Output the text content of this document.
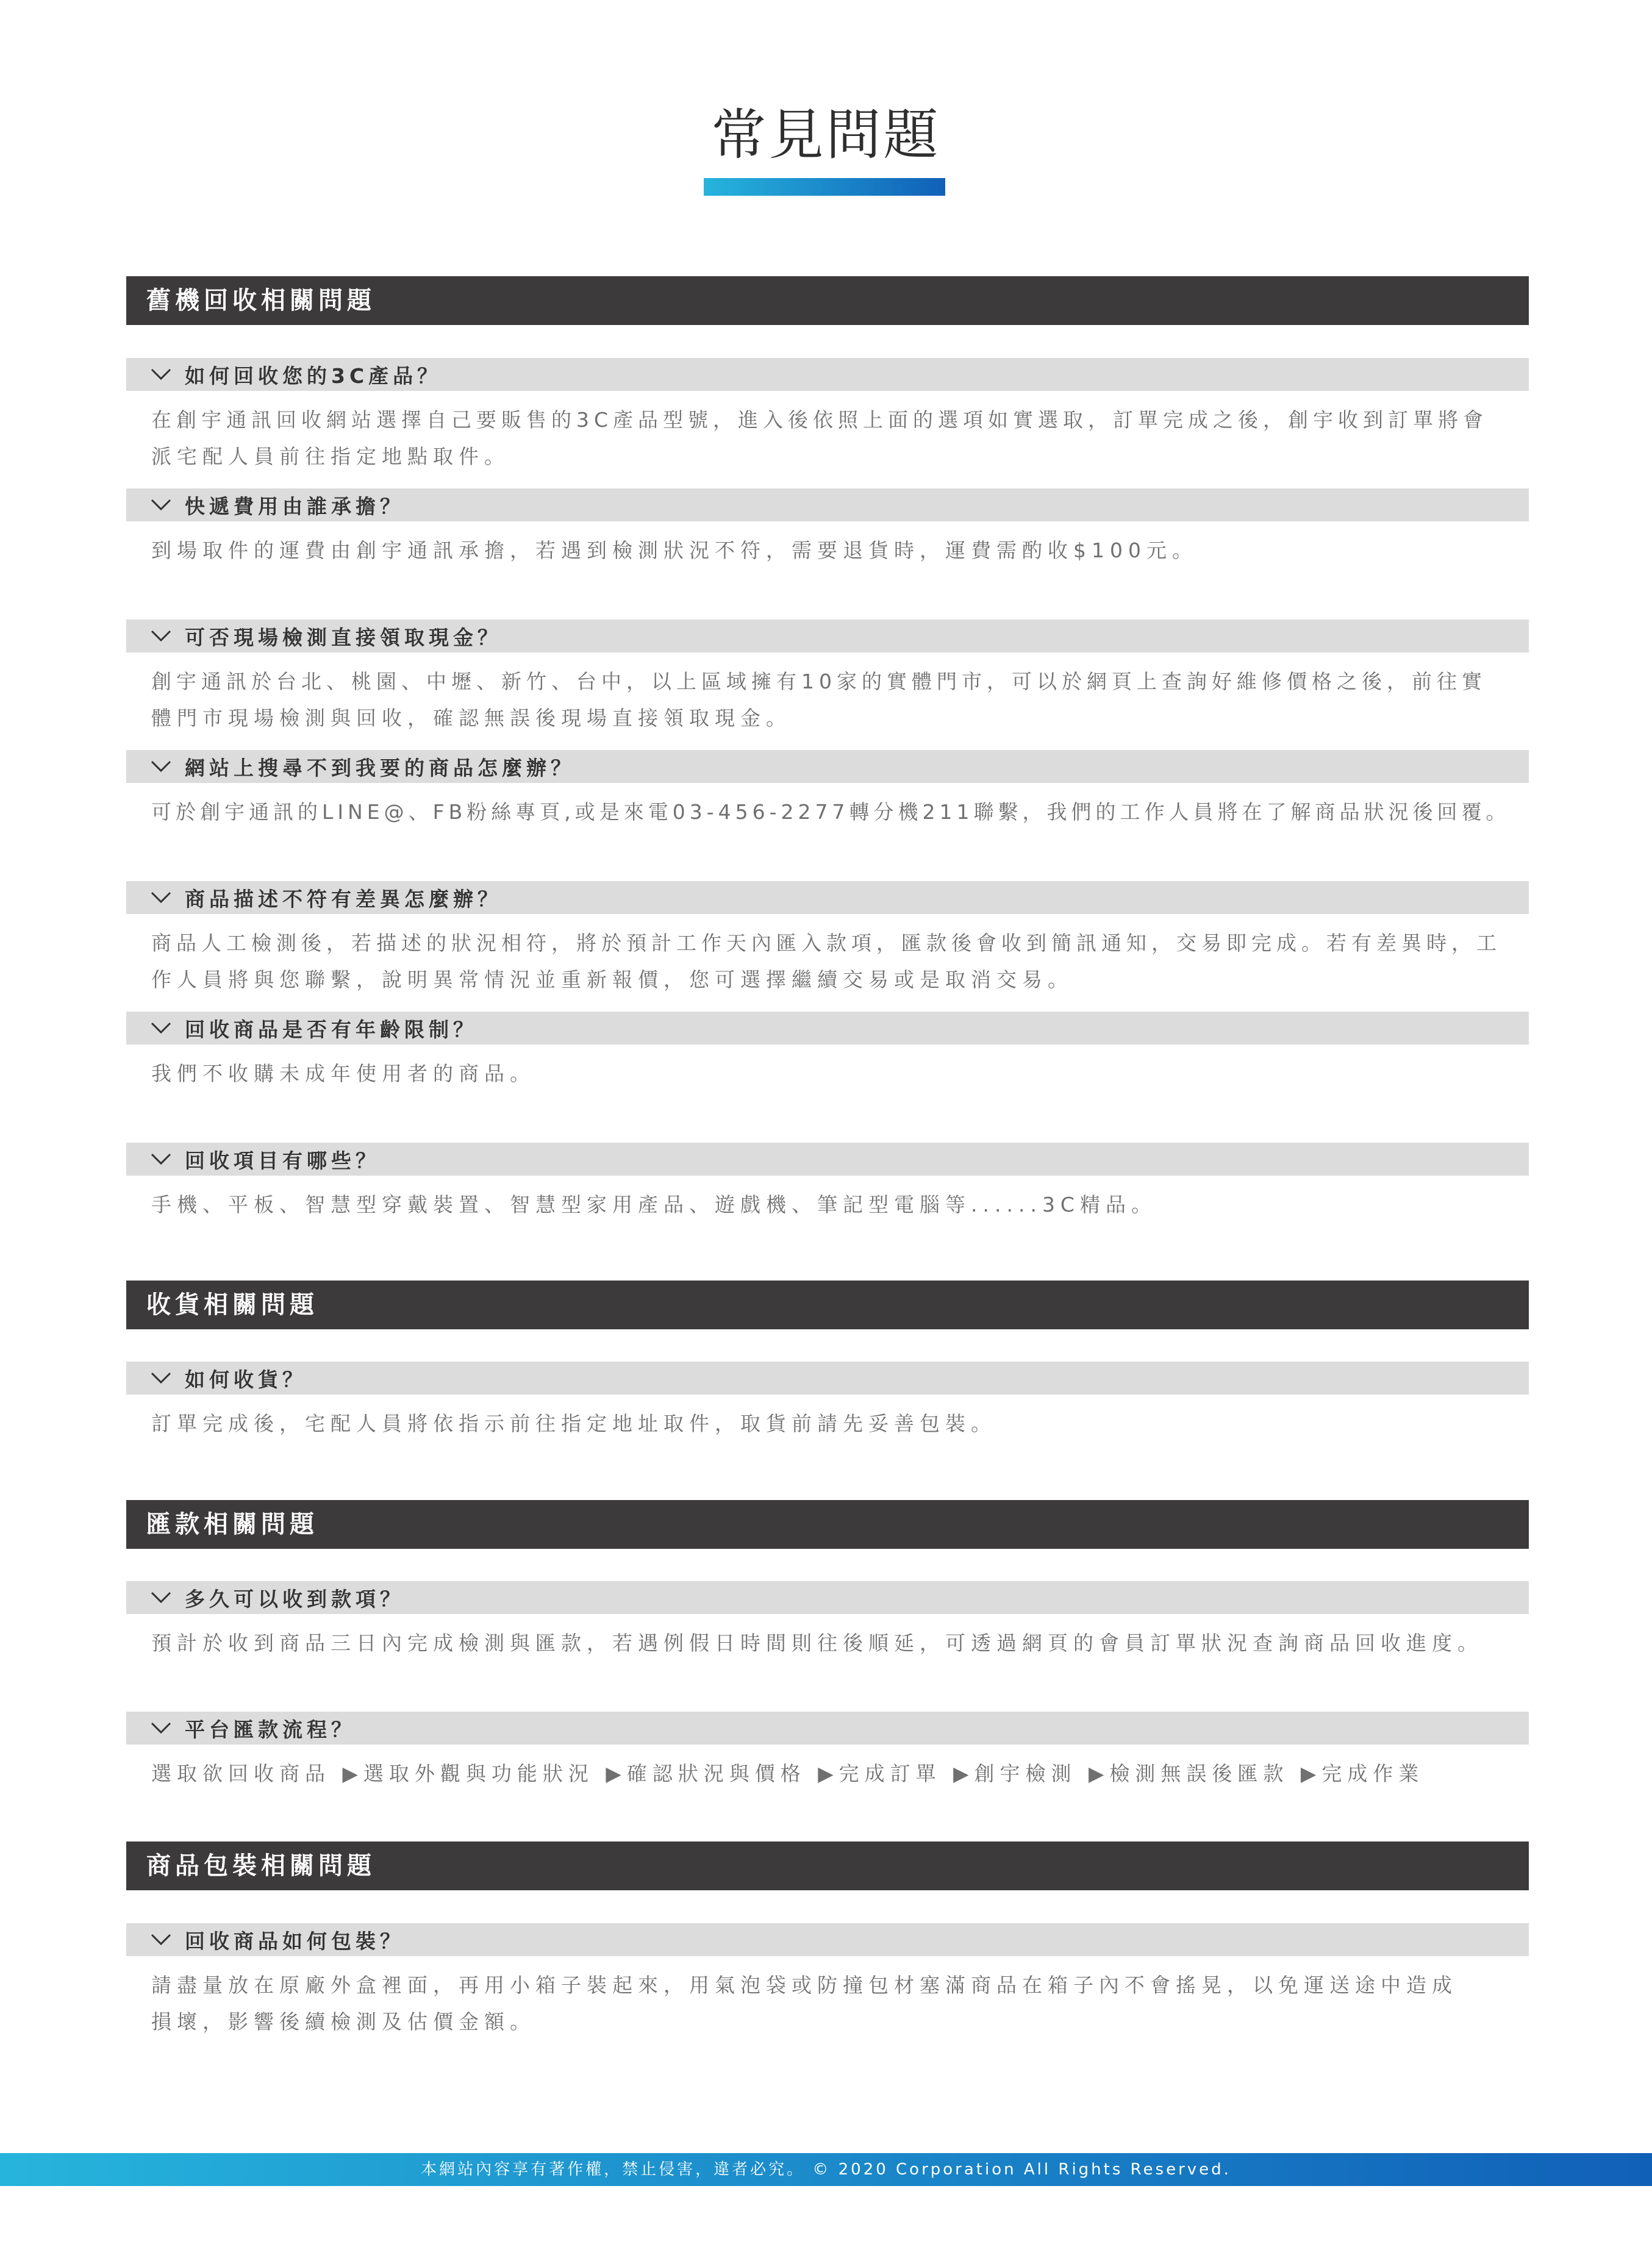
常見問題
舊機回收相關問題
如何回收您的3C產品？

在創宇通訊回收網站選擇自己要販售的3C產品型號，進入後依照上面的選項如實選取，訂單完成之後，創宇收到訂單將會

派宅配人員前往指定地點取件。

快遞費用由誰承擔？

到場取件的運費由創宇通訊承擔，若遇到檢測狀況不符，需要退貨時，運費需酌收$100元。

可否現場檢測直接領取現金？

創宇通訊於台北、桃園、中壢、新竹、台中，以上區域擁有10家的實體門市，可以於網頁上查詢好維修價格之後，前往實

體門市現場檢測與回收，確認無誤後現場直接領取現金。

網站上搜尋不到我要的商品怎麼辦？

可於創宇通訊的LINE@、FB粉絲專頁,或是來電03-456-2277轉分機211聯繫，我們的工作人員將在了解商品狀況後回覆。

商品描述不符有差異怎麼辦？

商品人工檢測後，若描述的狀況相符，將於預計工作天內匯入款項，匯款後會收到簡訊通知，交易即完成。若有差異時，工

作人員將與您聯繫，說明異常情況並重新報價，您可選擇繼續交易或是取消交易。

回收商品是否有年齡限制？

我們不收購未成年使用者的商品。

回收項目有哪些？

手機、平板、智慧型穿戴裝置、智慧型家用產品、遊戲機、筆記型電腦等......3C精品。

收貨相關問題
如何收貨？

訂單完成後，宅配人員將依指示前往指定地址取件，取貨前請先妥善包裝。

匯款相關問題
多久可以收到款項？

預計於收到商品三日內完成檢測與匯款，若遇例假日時間則往後順延，可透過網頁的會員訂單狀況查詢商品回收進度。

平台匯款流程？

選取欲回收商品 ▶選取外觀與功能狀況 ▶確認狀況與價格 ▶完成訂單 ▶創宇檢測 ▶檢測無誤後匯款 ▶完成作業

商品包裝相關問題
回收商品如何包裝？

請盡量放在原廠外盒裡面，再用小箱子裝起來，用氣泡袋或防撞包材塞滿商品在箱子內不會搖晃，以免運送途中造成

損壞，影響後續檢測及估價金額。

本網站內容享有著作權，禁止侵害，違者必究。 © 2020 Corporation All Rights Reserved.
